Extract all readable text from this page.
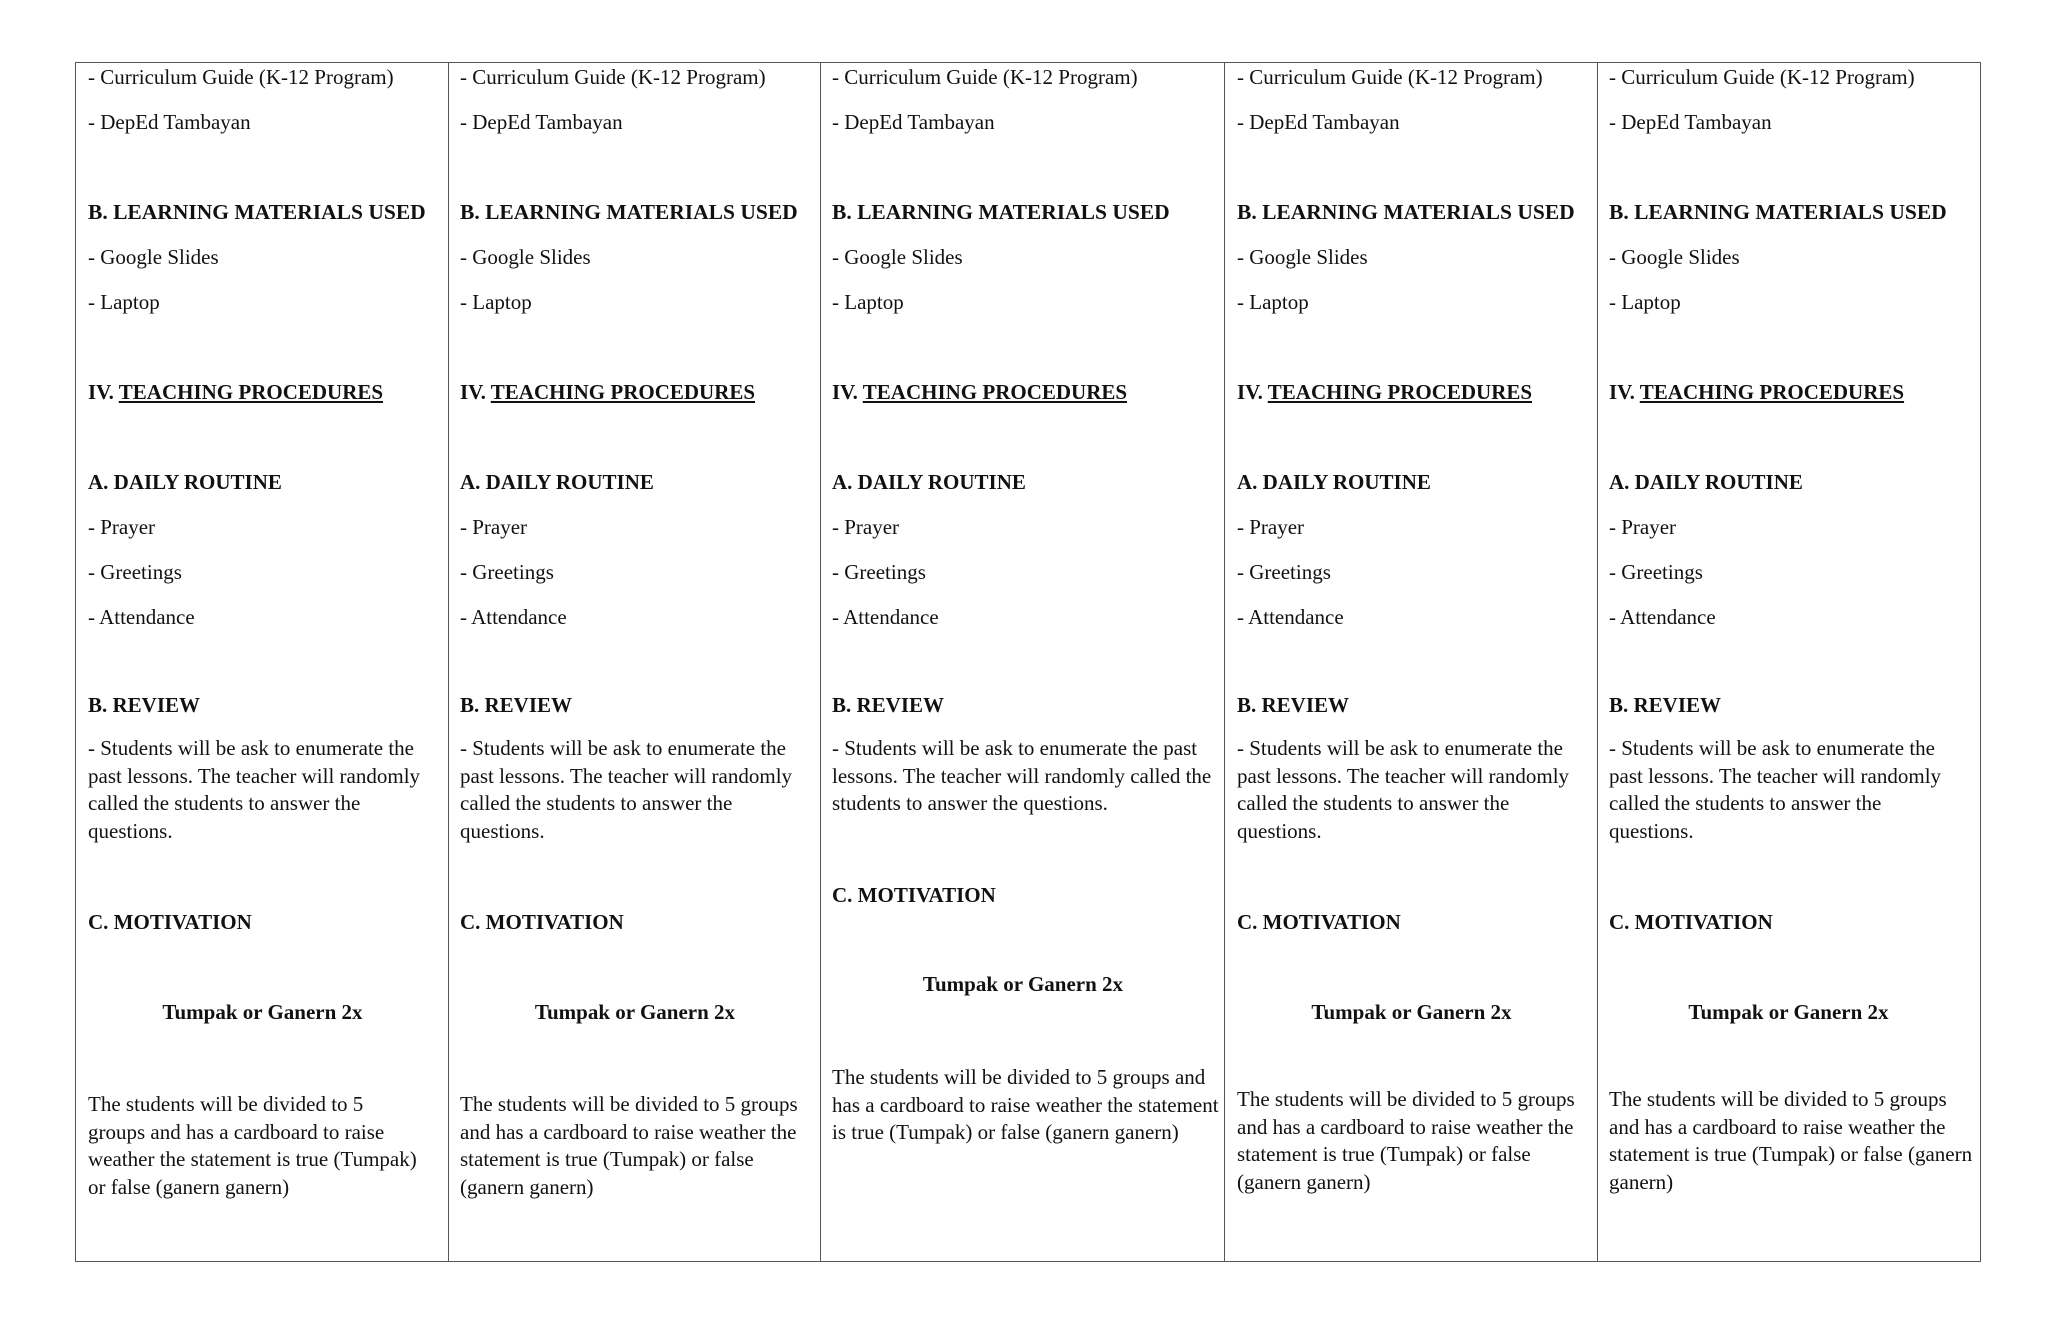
- Curriculum Guide (K-12 Program)
- DepEd Tambayan
B. LEARNING MATERIALS USED
- Google Slides
- Laptop
IV. TEACHING PROCEDURES
A. DAILY ROUTINE
- Prayer
- Greetings
- Attendance
B. REVIEW
- Students will be ask to enumerate the past lessons. The teacher will randomly called the students to answer the questions.
C. MOTIVATION
Tumpak or Ganern 2x
The students will be divided to 5 groups and has a cardboard to raise weather the statement is true (Tumpak) or false (ganern ganern)
- Curriculum Guide (K-12 Program)
- DepEd Tambayan
B. LEARNING MATERIALS USED
- Google Slides
- Laptop
IV. TEACHING PROCEDURES
A. DAILY ROUTINE
- Prayer
- Greetings
- Attendance
B. REVIEW
- Students will be ask to enumerate the past lessons. The teacher will randomly called the students to answer the questions.
C. MOTIVATION
Tumpak or Ganern 2x
The students will be divided to 5 groups and has a cardboard to raise weather the statement is true (Tumpak) or false (ganern ganern)
- Curriculum Guide (K-12 Program)
- DepEd Tambayan
B. LEARNING MATERIALS USED
- Google Slides
- Laptop
IV. TEACHING PROCEDURES
A. DAILY ROUTINE
- Prayer
- Greetings
- Attendance
B. REVIEW
- Students will be ask to enumerate the past lessons. The teacher will randomly called the students to answer the questions.
C. MOTIVATION
Tumpak or Ganern 2x
The students will be divided to 5 groups and has a cardboard to raise weather the statement is true (Tumpak) or false (ganern ganern)
- Curriculum Guide (K-12 Program)
- DepEd Tambayan
B. LEARNING MATERIALS USED
- Google Slides
- Laptop
IV. TEACHING PROCEDURES
A. DAILY ROUTINE
- Prayer
- Greetings
- Attendance
B. REVIEW
- Students will be ask to enumerate the past lessons. The teacher will randomly called the students to answer the questions.
C. MOTIVATION
Tumpak or Ganern 2x
The students will be divided to 5 groups and has a cardboard to raise weather the statement is true (Tumpak) or false (ganern ganern)
- Curriculum Guide (K-12 Program)
- DepEd Tambayan
B. LEARNING MATERIALS USED
- Google Slides
- Laptop
IV. TEACHING PROCEDURES
A. DAILY ROUTINE
- Prayer
- Greetings
- Attendance
B. REVIEW
- Students will be ask to enumerate the past lessons. The teacher will randomly called the students to answer the questions.
C. MOTIVATION
Tumpak or Ganern 2x
The students will be divided to 5 groups and has a cardboard to raise weather the statement is true (Tumpak) or false (ganern ganern)
